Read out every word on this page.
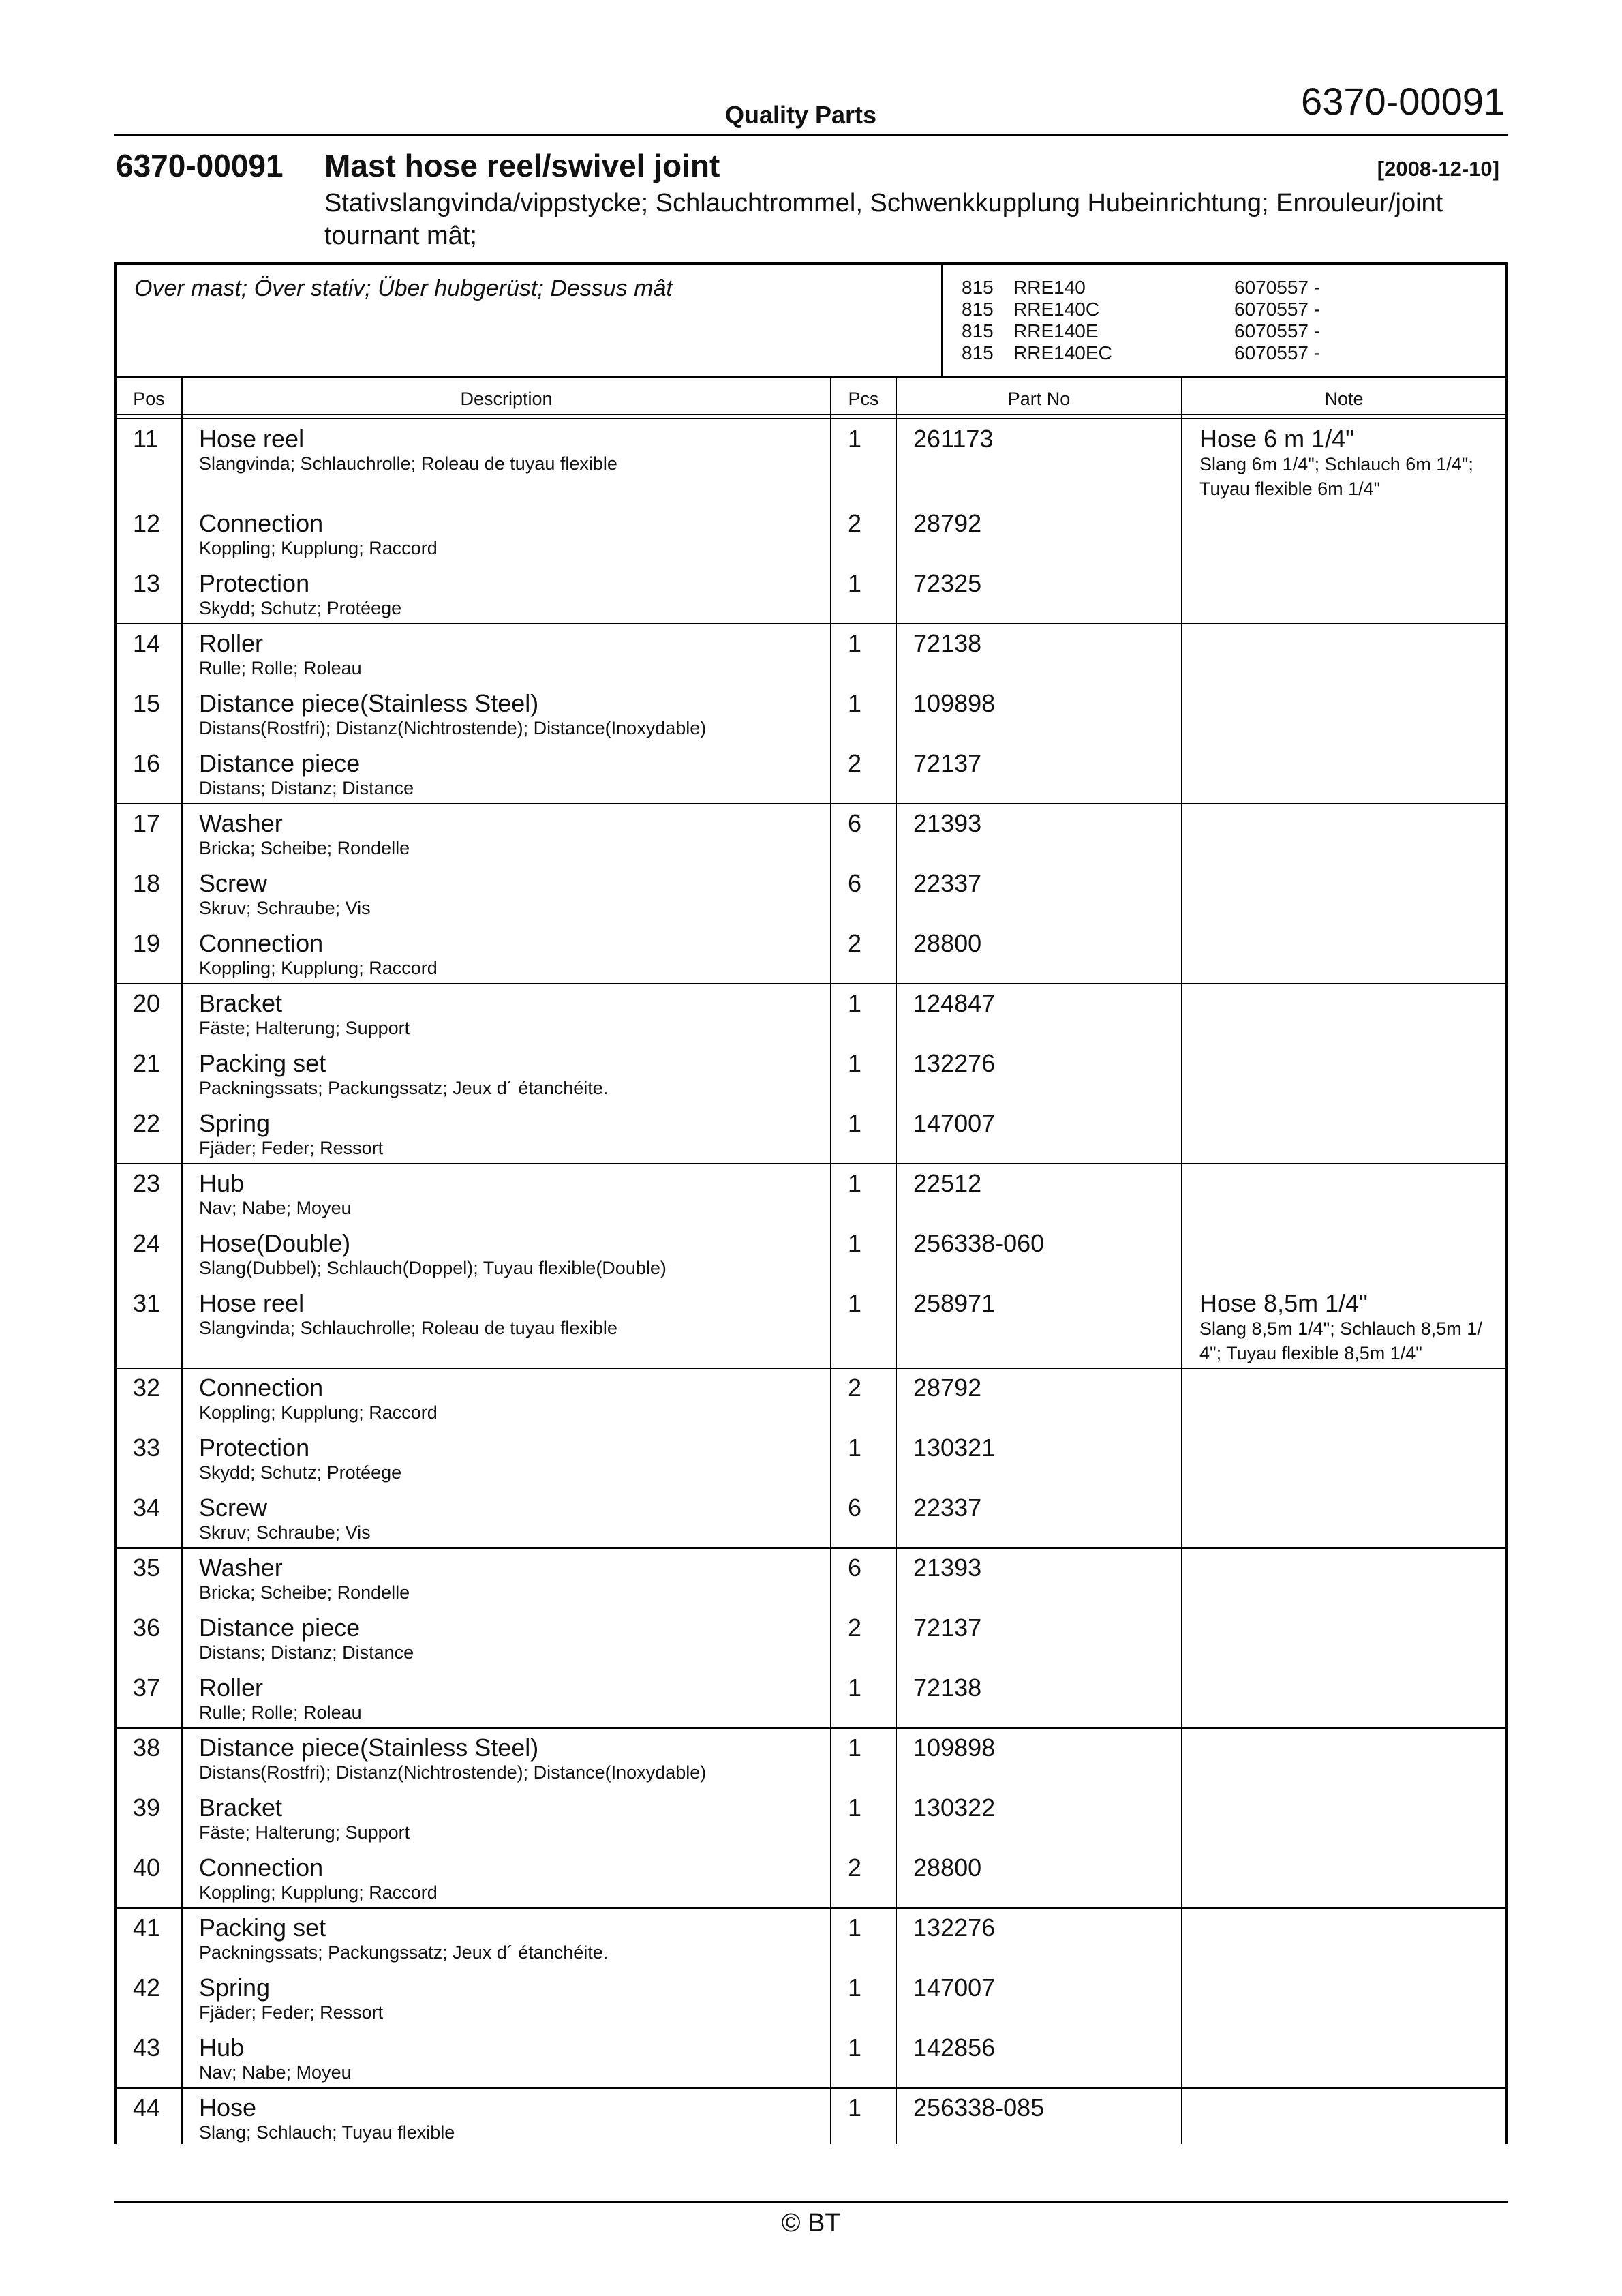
Quality Parts	6370-00091
6370-00091 Mast hose reel/swivel joint	[2008-12-10]
Stativslangvinda/vippstycke; Schlauchtrommel, Schwenkkupplung Hubeinrichtung; Enrouleur/joint tournant mât;
Over mast; Över stativ; Über hubgerüst; Dessus mât	815	RRE140	6070557 -
815	RRE140C	6070557 -
815	RRE140E	6070557 -
815	RRE140EC	6070557 -
Pos	Description	Pcs	Part No	Note
11 Hose reel
Slangvinda; Schlauchrolle; Roleau de tuyau flexible
1 261173	Hose 6 m 1/4"
Slang 6m 1/4"; Schlauch 6m 1/4"; Tuyau flexible 6m 1/4"
12 Connection
Koppling; Kupplung; Raccord
2 28792
13 Protection
Skydd; Schutz; Protéege
1 72325
14 Roller
Rulle; Rolle; Roleau
1 72138
15 Distance piece(Stainless Steel)
Distans(Rostfri); Distanz(Nichtrostende); Distance(Inoxydable)
1 109898
16 Distance piece
Distans; Distanz; Distance
2 72137
17 Washer
Bricka; Scheibe; Rondelle
6 21393
18 Screw
Skruv; Schraube; Vis
6 22337
19 Connection
Koppling; Kupplung; Raccord
2 28800
20 Bracket
Fäste; Halterung; Support
1 124847
21 Packing set
Packningssats; Packungssatz; Jeux d´ étanchéite.
1 132276
22 Spring
Fjäder; Feder; Ressort
1 147007
23 Hub
Nav; Nabe; Moyeu
1 22512
24 Hose(Double)
Slang(Dubbel); Schlauch(Doppel); Tuyau flexible(Double)
1 256338-060
31 Hose reel
Slangvinda; Schlauchrolle; Roleau de tuyau flexible
1 258971	Hose 8,5m 1/4"
Slang 8,5m 1/4"; Schlauch 8,5m 1/ 4"; Tuyau flexible 8,5m 1/4"
32 Connection
Koppling; Kupplung; Raccord
2 28792
33 Protection
Skydd; Schutz; Protéege
1 130321
34 Screw
Skruv; Schraube; Vis
6 22337
35 Washer
Bricka; Scheibe; Rondelle
6 21393
36 Distance piece
Distans; Distanz; Distance
2 72137
37 Roller
Rulle; Rolle; Roleau
1 72138
38 Distance piece(Stainless Steel)
Distans(Rostfri); Distanz(Nichtrostende); Distance(Inoxydable)
1 109898
39 Bracket
Fäste; Halterung; Support
1 130322
40 Connection
Koppling; Kupplung; Raccord
2 28800
41 Packing set
Packningssats; Packungssatz; Jeux d´ étanchéite.
1 132276
42 Spring
Fjäder; Feder; Ressort
1 147007
43 Hub
Nav; Nabe; Moyeu
1 142856
44 Hose
Slang; Schlauch; Tuyau flexible
1 256338-085
© BT
